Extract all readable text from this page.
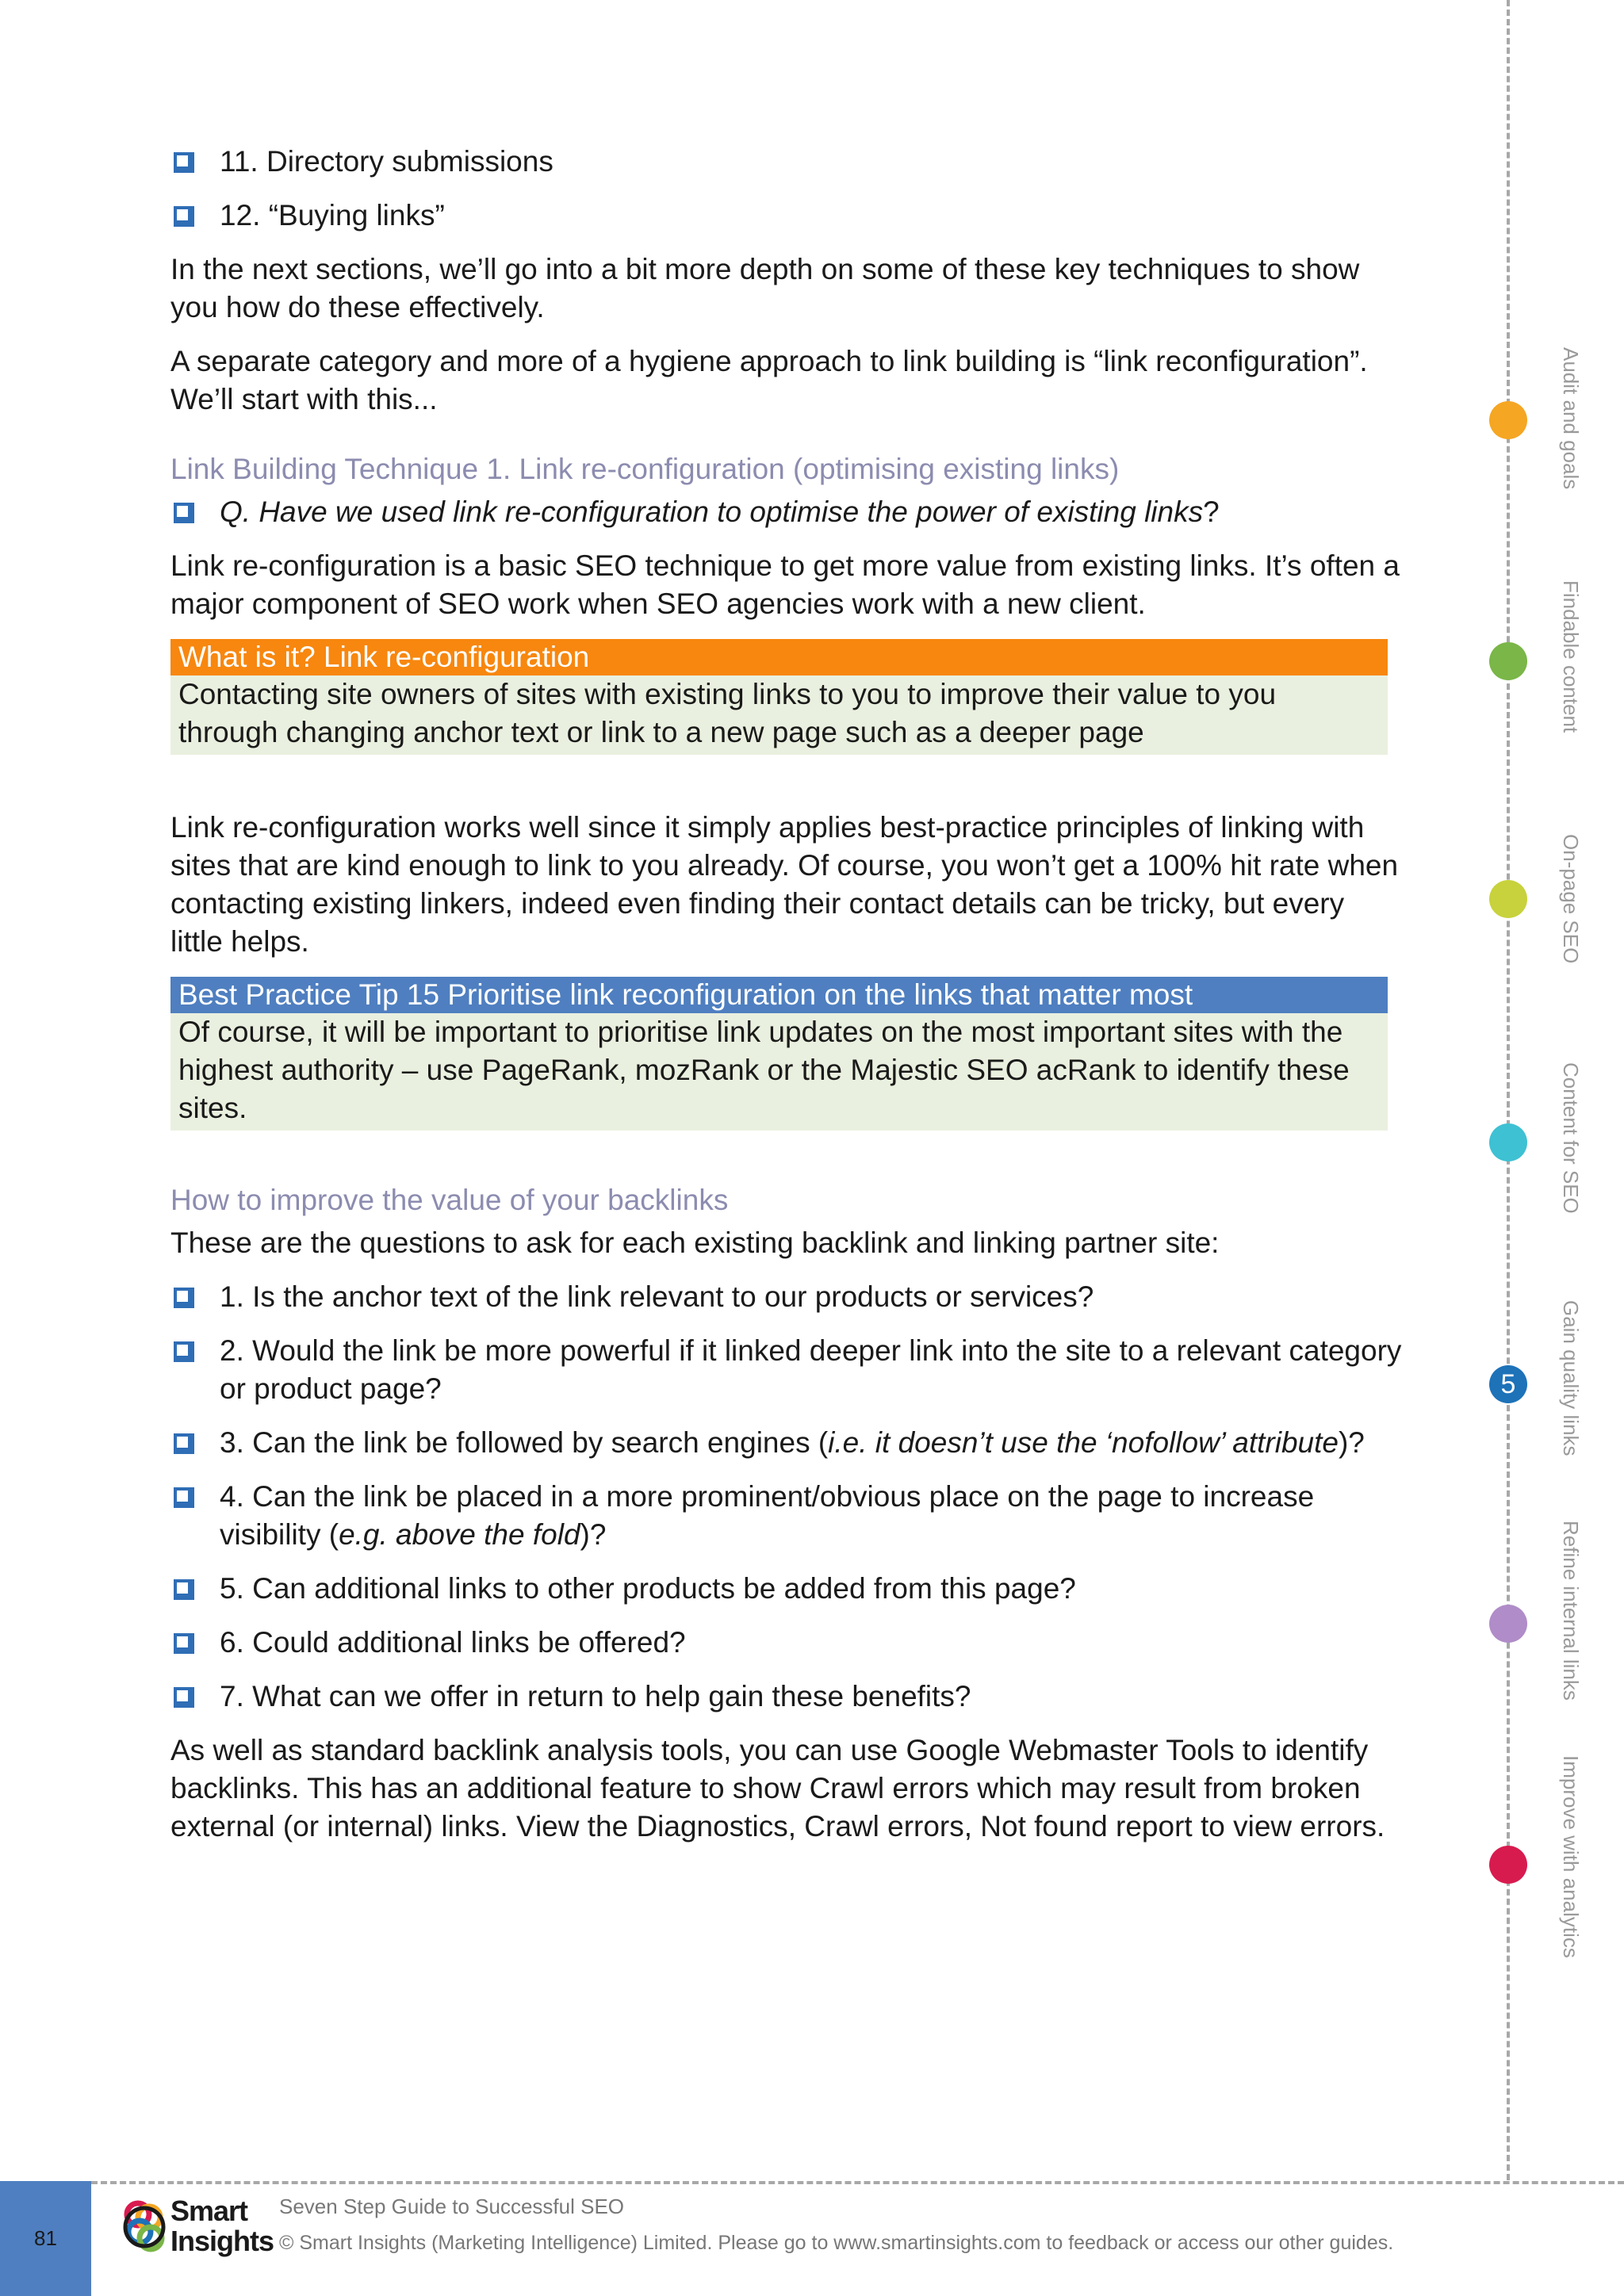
11. Directory submissions
12. “Buying links”

In the next sections, we’ll go into a bit more depth on some of these key techniques to show you how do these effectively.

A separate category and more of a hygiene approach to link building is “link reconfiguration”. We’ll start with this...

Link Building Technique 1. Link re-configuration (optimising existing links)
Q. Have we used link re-configuration to optimise the power of existing links?

Link re-configuration is a basic SEO technique to get more value from existing links. It’s often a major component of SEO work when SEO agencies work with a new client.

What is it? Link re-configuration
Contacting site owners of sites with existing links to you to improve their value to you through changing anchor text or link to a new page such as a deeper page

Link re-configuration works well since it simply applies best-practice principles of linking with sites that are kind enough to link to you already. Of course, you won’t get a 100% hit rate when contacting existing linkers, indeed even finding their contact details can be tricky, but every little helps.

Best Practice Tip 15 Prioritise link reconfiguration on the links that matter most
Of course, it will be important to prioritise link updates on the most important sites with the highest authority – use PageRank, mozRank or the Majestic SEO acRank to identify these sites.
How to improve the value of your backlinks

These are the questions to ask for each existing backlink and linking partner site:

1. Is the anchor text of the link relevant to our products or services?
2. Would the link be more powerful if it linked deeper link into the site to a relevant category or product page?
3. Can the link be followed by search engines (i.e. it doesn’t use the ‘nofollow’ attribute)?
4. Can the link be placed in a more prominent/obvious place on the page to increase visibility (e.g. above the fold)?
5. Can additional links to other products be added from this page?
6. Could additional links be offered?
7. What can we offer in return to help gain these benefits?

As well as standard backlink analysis tools, you can use Google Webmaster Tools to identify backlinks. This has an additional feature to show Crawl errors which may result from broken external (or internal) links. View the Diagnostics, Crawl errors, Not found report to view errors.

Audit and goals
Findable content
On-page SEO
Content for SEO
5	Gain quality links
Refine internal links
Improve with analytics
81
Smart
Insights
Seven Step Guide to Successful SEO
© Smart Insights (Marketing Intelligence) Limited. Please go to www.smartinsights.com to feedback or access our other guides.
